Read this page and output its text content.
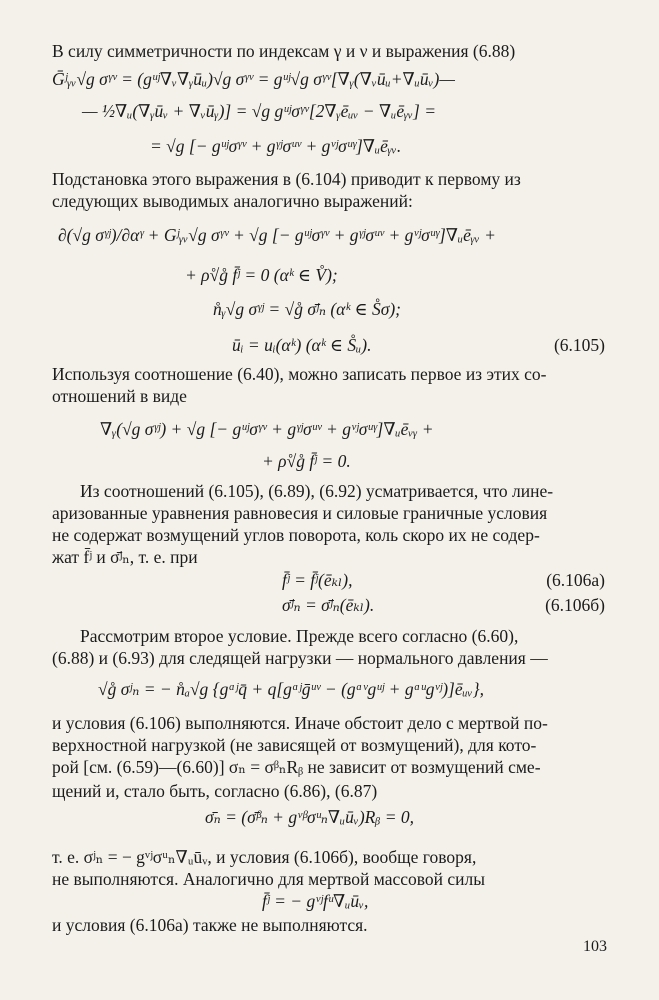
В силу симметричности по индексам γ и ν и выражения (6.88)
Ḡʲᵧᵥ√g σᵞᵛ = (gᵘʲ∇ᵥ∇ᵧūᵤ)√g σᵞᵛ = gᵘʲ√g σᵞᵛ[∇ᵧ(∇ᵥūᵤ+∇ᵤūᵥ)—
— ½∇ᵤ(∇ᵧūᵥ + ∇ᵥūᵧ)] = √g gᵘʲσᵞᵛ[2∇ᵧēᵤᵥ − ∇ᵤēᵧᵥ] =
= √g [− gᵘʲσᵞᵛ + gᵞʲσᵘᵛ + gᵛʲσᵘᵞ]∇ᵤēᵧᵥ.
Подстановка этого выражения в (6.104) приводит к первому из
следующих выводимых аналогично выражений:
∂(√g σᵞʲ)/∂αᵞ + Gʲᵧᵥ√g σᵞᵛ + √g [− gᵘʲσᵞᵛ + gᵞʲσᵘᵛ + gᵛʲσᵘᵞ]∇ᵤēᵧᵥ +
+ ρ̊√g̊ f̄ʲ = 0 (αᵏ ∈ V̊);
n̊ᵧ√g σᵞʲ = √g̊ σ̄ʲₙ (αᵏ ∈ S̊σ);
ūᵢ = uᵢ(αᵏ) (αᵏ ∈ S̊ᵤ).	(6.105)
Используя соотношение (6.40), можно записать первое из этих со-
отношений в виде
∇ᵧ(√g σᵞʲ) + √g [− gᵘʲσᵞᵛ + gᵞʲσᵘᵛ + gᵛʲσᵘᵞ]∇ᵤēᵥᵧ +
+ ρ̊√g̊ f̄ʲ = 0.
Из соотношений (6.105), (6.89), (6.92) усматривается, что линe-
аризованные уравнения равновесия и силовые граничные условия
не содержат возмущений углов поворота, коль скоро их не содер-
жат f̄ʲ и σ̄ʲₙ, т. е. при
f̄ʲ = f̄ʲ(ēₖₗ),	(6.106а)
σ̄ʲₙ = σ̄ʲₙ(ēₖₗ).	(6.106б)
Рассмотрим второе условие. Прежде всего согласно (6.60),
(6.88) и (6.93) для следящей нагрузки — нормального давления —
√g̊ σʲₙ = − n̊ₐ√g {gᵅʲq̄ + q[gᵅʲḡᵘᵛ − (gᵅᵛgᵘʲ + gᵅᵘgᵛʲ)]ēᵤᵥ},
и условия (6.106) выполняются. Иначе обстоит дело с мертвой по-
верхностной нагрузкой (не зависящей от возмущений), для кото-
рой [см. (6.59)—(6.60)] σₙ = σᵝₙRᵦ не зависит от возмущений сме-
щений и, стало быть, согласно (6.86), (6.87)
σ̄ₙ = (σ̄ᵝₙ + gᵛᵝσᵘₙ∇ᵤūᵥ)Rᵦ = 0,
т. е. σʲₙ = − gᵛʲσᵘₙ∇ᵤūᵥ, и условия (6.106б), вообще говоря,
не выполняются. Аналогично для мертвой массовой силы
f̄ʲ = − gᵛʲfᵘ∇ᵤūᵥ,
и условия (6.106а) также не выполняются.
103
